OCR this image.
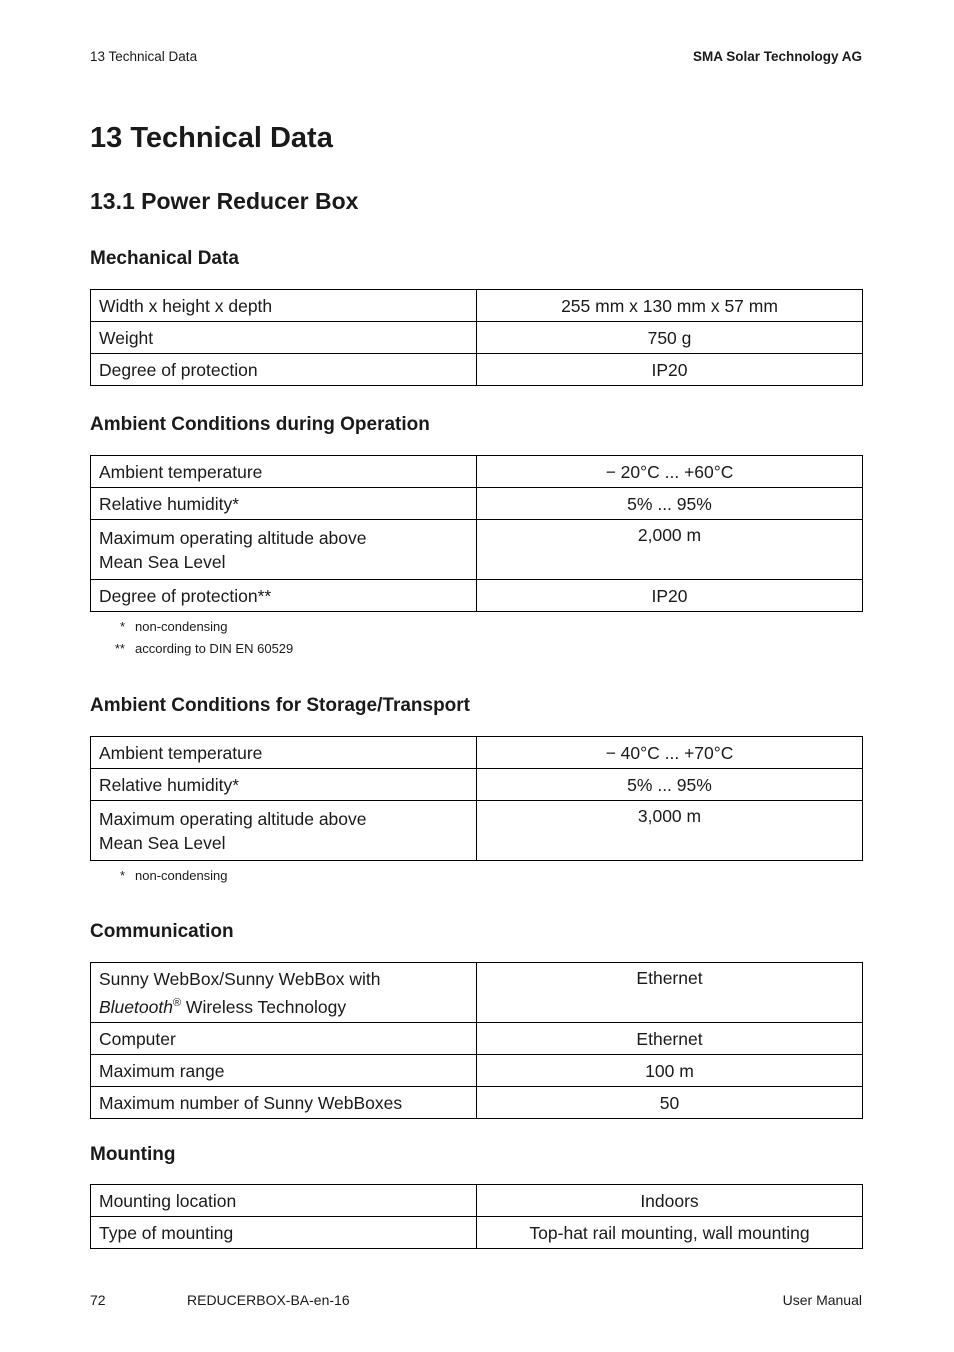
13 Technical Data	SMA Solar Technology AG
13 Technical Data
13.1 Power Reducer Box
Mechanical Data
Width x height x depth	255 mm x 130 mm x 57 mm
Weight	750 g
Degree of protection	IP20
Ambient Conditions during Operation
Ambient temperature	− 20°C ... +60°C
Relative humidity*	5% ... 95%
Maximum operating altitude above
Mean Sea Level	2,000 m
Degree of protection**	IP20
* non-condensing
** according to DIN EN 60529
Ambient Conditions for Storage/Transport
Ambient temperature	− 40°C ... +70°C
Relative humidity*	5% ... 95%
Maximum operating altitude above
Mean Sea Level	3,000 m
* non-condensing
Communication
Sunny WebBox/Sunny WebBox with
Bluetooth® Wireless Technology	Ethernet
Computer	Ethernet
Maximum range	100 m
Maximum number of Sunny WebBoxes	50
Mounting
Mounting location	Indoors
Type of mounting	Top-hat rail mounting, wall mounting
72	REDUCERBOX-BA-en-16	User Manual
